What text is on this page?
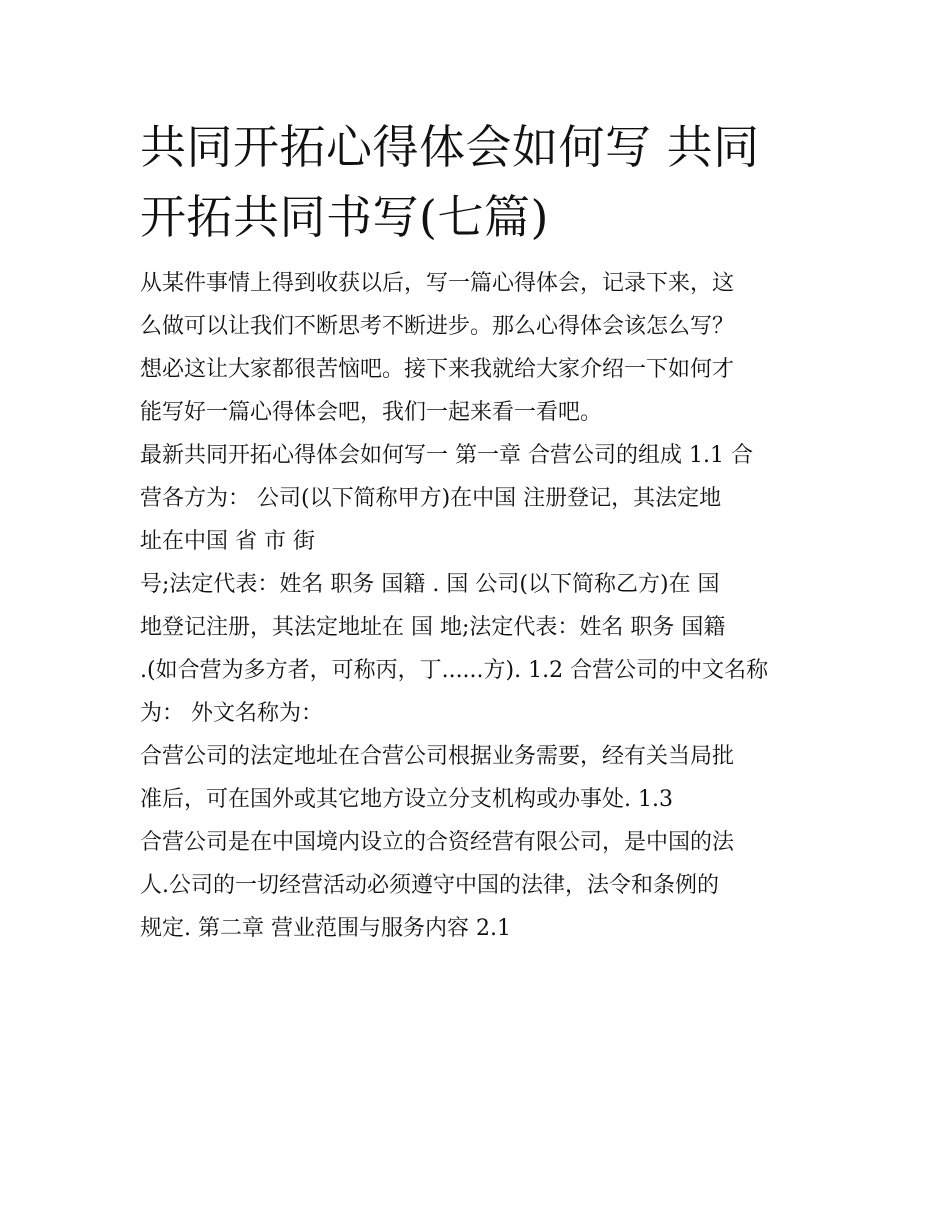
共同开拓心得体会如何写 共同
开拓共同书写(七篇)

从某件事情上得到收获以后，写一篇心得体会，记录下来，这
么做可以让我们不断思考不断进步。那么心得体会该怎么写？
想必这让大家都很苦恼吧。接下来我就给大家介绍一下如何才
能写好一篇心得体会吧，我们一起来看一看吧。

最新共同开拓心得体会如何写一 第一章 合营公司的组成 1.1 合
营各方为： 公司(以下简称甲方)在中国 注册登记，其法定地
址在中国 省 市 街

号;法定代表：姓名 职务 国籍 . 国 公司(以下简称乙方)在 国
地登记注册，其法定地址在 国 地;法定代表：姓名 职务 国籍
.(如合营为多方者，可称丙，丁......方). 1.2 合营公司的中文名称
为： 外文名称为：

合营公司的法定地址在合营公司根据业务需要，经有关当局批
准后，可在国外或其它地方设立分支机构或办事处. 1.3

合营公司是在中国境内设立的合资经营有限公司，是中国的法
人.公司的一切经营活动必须遵守中国的法律，法令和条例的
规定. 第二章 营业范围与服务内容 2.1
